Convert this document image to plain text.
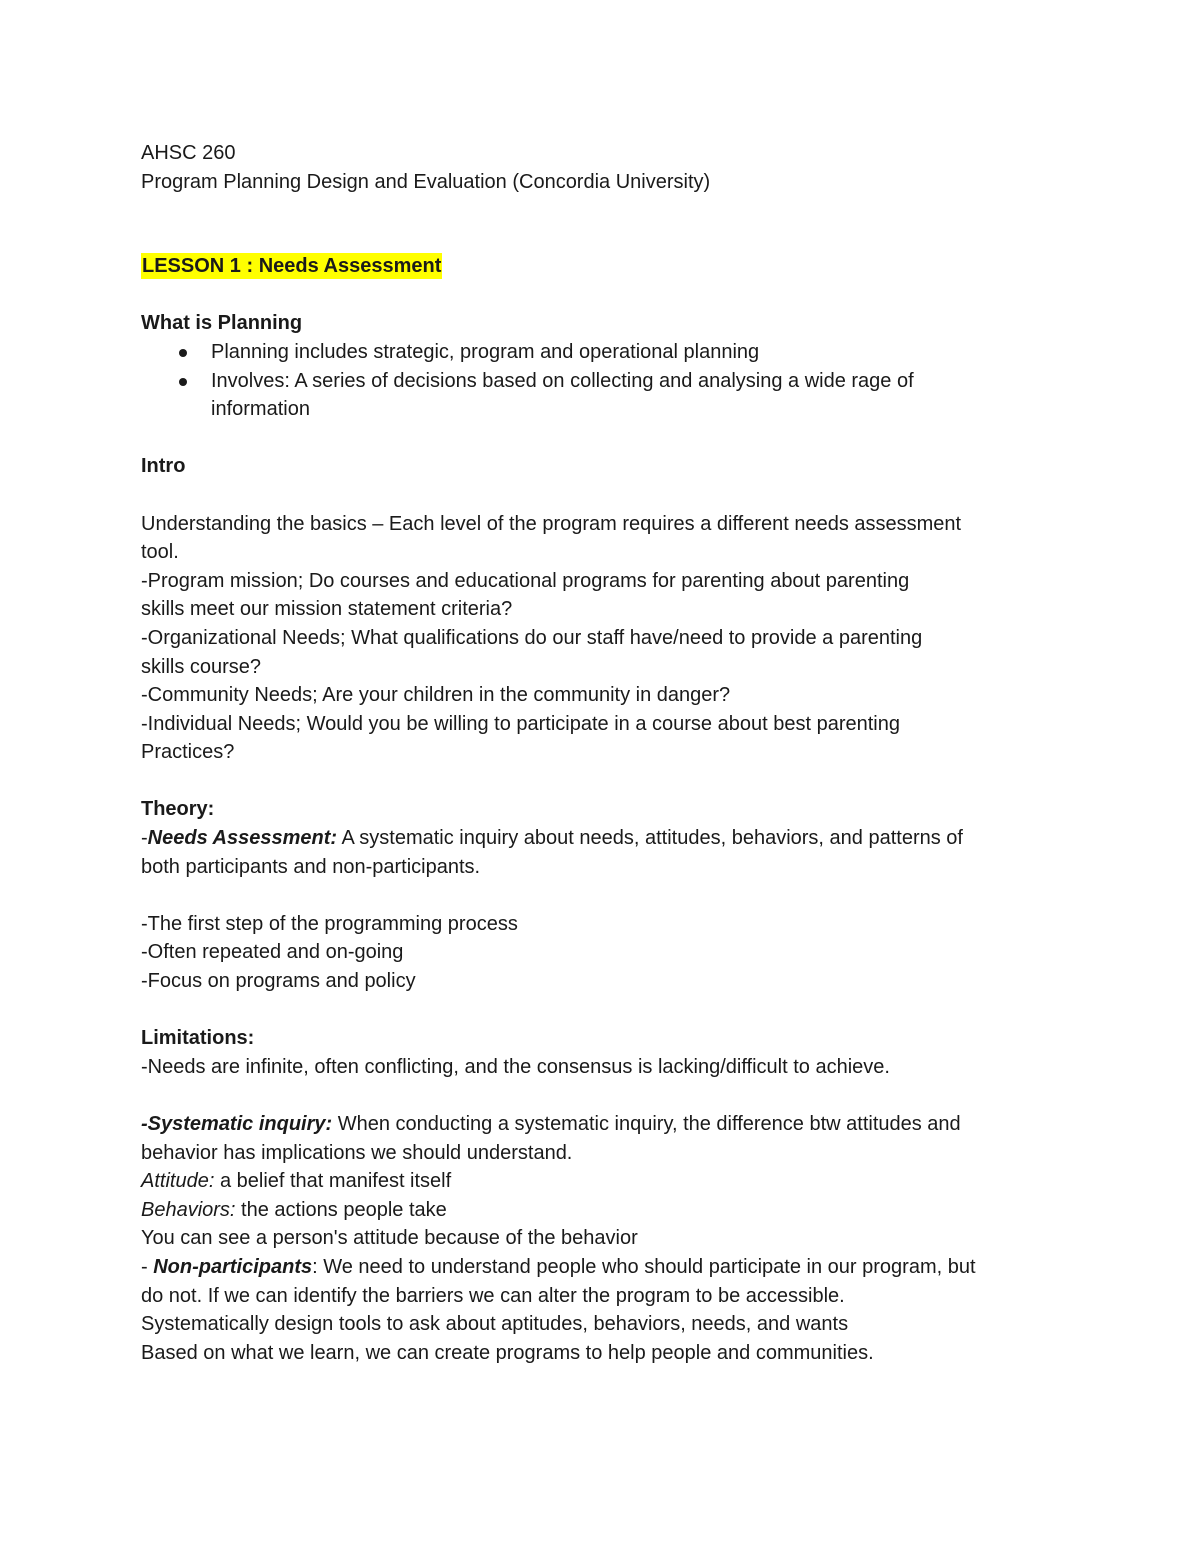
AHSC 260
Program Planning Design and Evaluation (Concordia University)
LESSON 1 : Needs Assessment
What is Planning
Planning includes strategic, program and operational planning
Involves: A series of decisions based on collecting and analysing a wide rage of
information
Intro
Understanding the basics – Each level of the program requires a different needs assessment
tool.
-Program mission; Do courses and educational programs for parenting about parenting
skills meet our mission statement criteria?
-Organizational Needs; What qualifications do our staff have/need to provide a parenting
skills course?
-Community Needs; Are your children in the community in danger?
-Individual Needs; Would you be willing to participate in a course about best parenting
Practices?
Theory:
-Needs Assessment: A systematic inquiry about needs, attitudes, behaviors, and patterns of
both participants and non-participants.
-The first step of the programming process
-Often repeated and on-going
-Focus on programs and policy
Limitations:
-Needs are infinite, often conflicting, and the consensus is lacking/difficult to achieve.
-Systematic inquiry: When conducting a systematic inquiry, the difference btw attitudes and
behavior has implications we should understand.
Attitude: a belief that manifest itself
Behaviors: the actions people take
You can see a person's attitude because of the behavior
- Non-participants: We need to understand people who should participate in our program, but
do not. If we can identify the barriers we can alter the program to be accessible.
Systematically design tools to ask about aptitudes, behaviors, needs, and wants
Based on what we learn, we can create programs to help people and communities.
